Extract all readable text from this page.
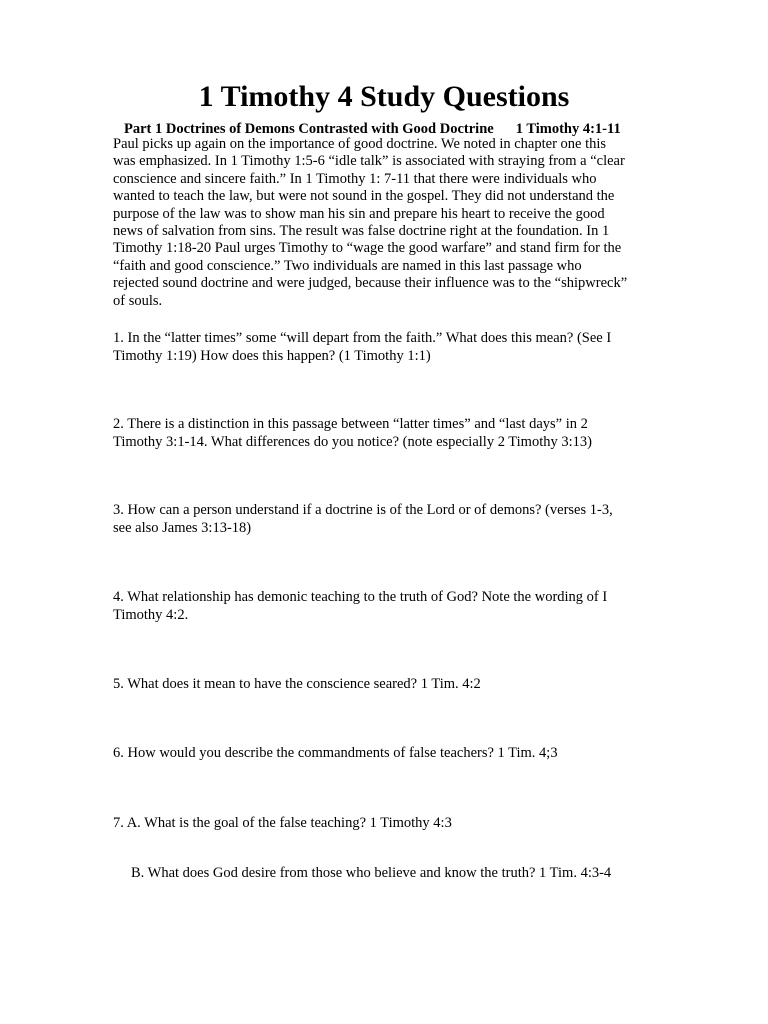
1 Timothy 4 Study Questions
Part 1 Doctrines of Demons Contrasted with Good Doctrine 1 Timothy 4:1-11
Paul picks up again on the importance of good doctrine. We noted in chapter one this
was emphasized. In 1 Timothy 1:5-6 “idle talk” is associated with straying from a “clear
conscience and sincere faith.” In 1 Timothy 1: 7-11 that there were individuals who
wanted to teach the law, but were not sound in the gospel. They did not understand the
purpose of the law was to show man his sin and prepare his heart to receive the good
news of salvation from sins. The result was false doctrine right at the foundation. In 1
Timothy 1:18-20 Paul urges Timothy to “wage the good warfare” and stand firm for the
“faith and good conscience.” Two individuals are named in this last passage who
rejected sound doctrine and were judged, because their influence was to the “shipwreck”
of souls.
1. In the “latter times” some “will depart from the faith.” What does this mean? (See I
Timothy 1:19) How does this happen? (1 Timothy 1:1)
2. There is a distinction in this passage between “latter times” and “last days” in 2
Timothy 3:1-14. What differences do you notice? (note especially 2 Timothy 3:13)
3. How can a person understand if a doctrine is of the Lord or of demons? (verses 1-3,
see also James 3:13-18)
4. What relationship has demonic teaching to the truth of God? Note the wording of I
Timothy 4:2.
5. What does it mean to have the conscience seared? 1 Tim. 4:2
6. How would you describe the commandments of false teachers? 1 Tim. 4;3
7. A. What is the goal of the false teaching? 1 Timothy 4:3
B. What does God desire from those who believe and know the truth? 1 Tim. 4:3-4
